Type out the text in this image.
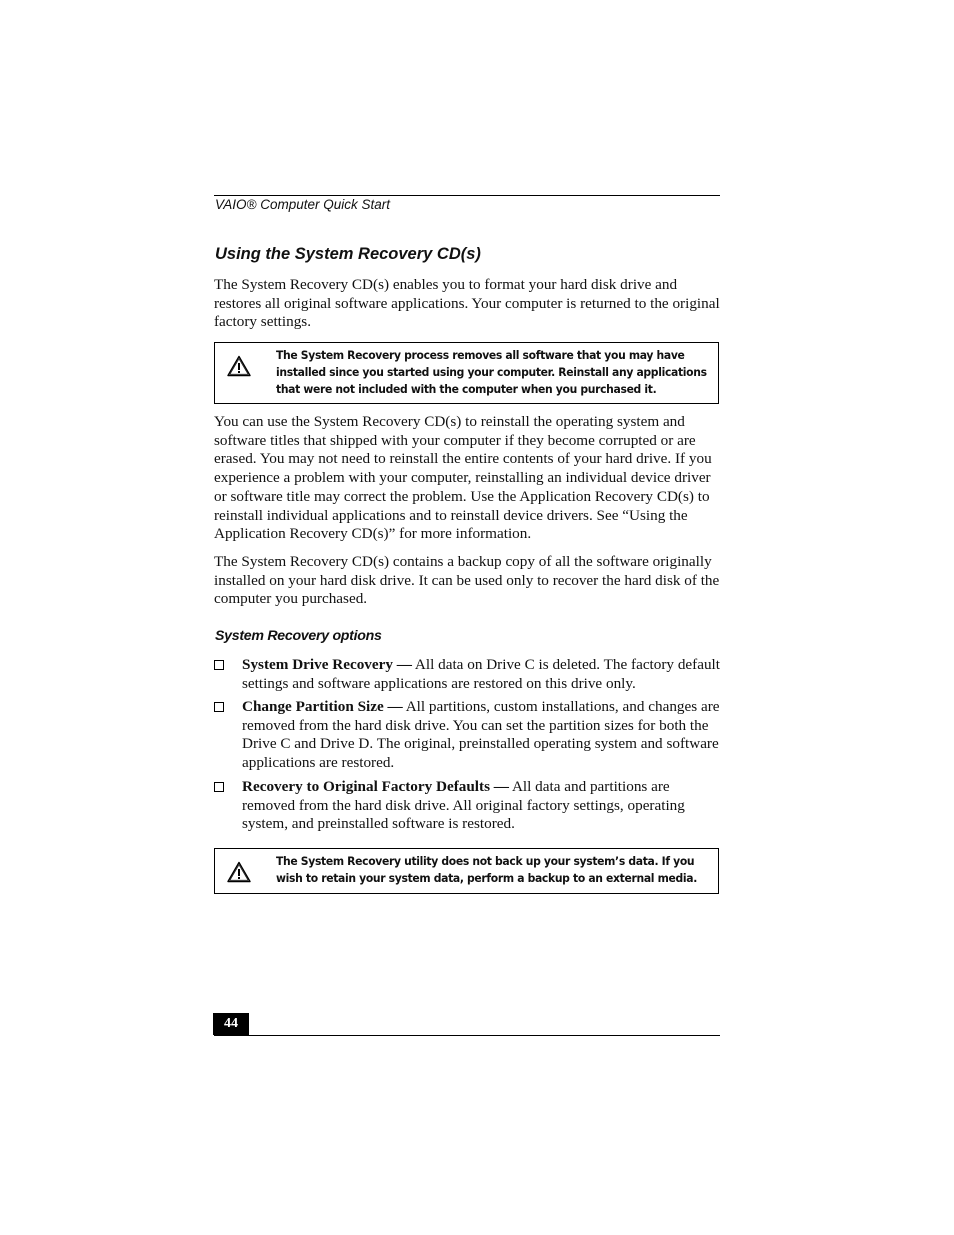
VAIO® Computer Quick Start
Using the System Recovery CD(s)

The System Recovery CD(s) enables you to format your hard disk drive and restores all original software applications. Your computer is returned to the original factory settings.

The System Recovery process removes all software that you may have installed since you started using your computer. Reinstall any applications that were not included with the computer when you purchased it.

You can use the System Recovery CD(s) to reinstall the operating system and software titles that shipped with your computer if they become corrupted or are erased. You may not need to reinstall the entire contents of your hard drive. If you experience a problem with your computer, reinstalling an individual device driver or software title may correct the problem. Use the Application Recovery CD(s) to reinstall individual applications and to reinstall device drivers. See “Using the Application Recovery CD(s)” for more information.

The System Recovery CD(s) contains a backup copy of all the software originally installed on your hard disk drive. It can be used only to recover the hard disk of the computer you purchased.

System Recovery options
System Drive Recovery — All data on Drive C is deleted. The factory default settings and software applications are restored on this drive only.
Change Partition Size — All partitions, custom installations, and changes are removed from the hard disk drive. You can set the partition sizes for both the Drive C and Drive D. The original, preinstalled operating system and software applications are restored.
Recovery to Original Factory Defaults — All data and partitions are removed from the hard disk drive. All original factory settings, operating system, and preinstalled software is restored.

The System Recovery utility does not back up your system’s data. If you wish to retain your system data, perform a backup to an external media.

44
